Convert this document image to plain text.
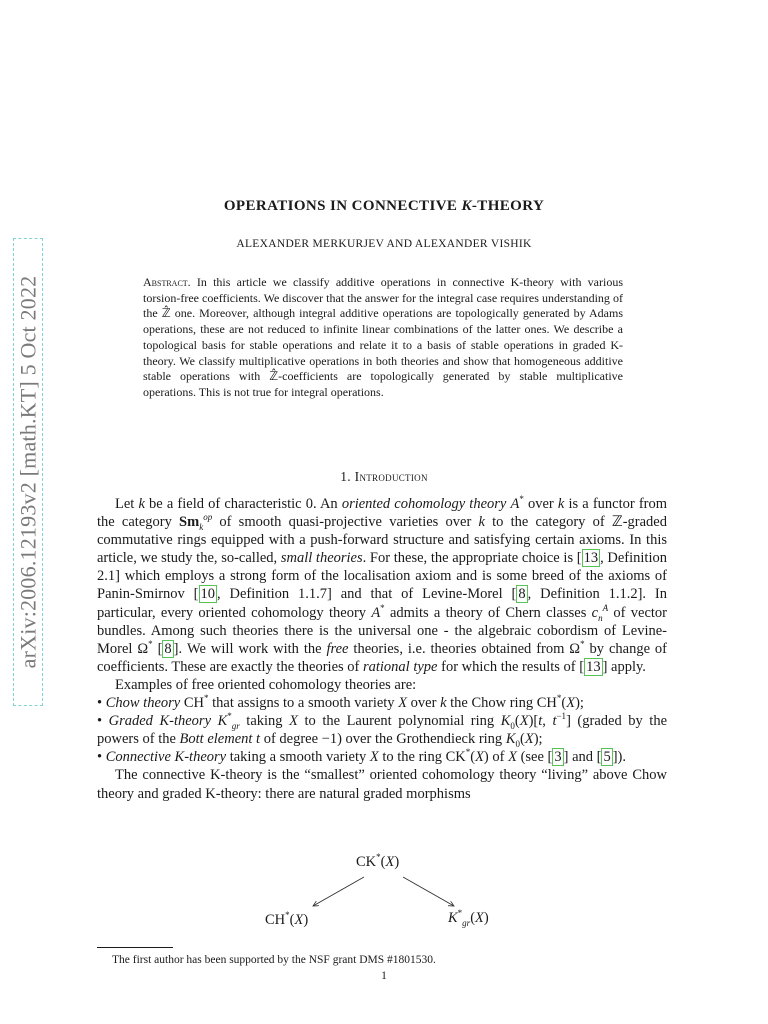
arXiv:2006.12193v2 [math.KT] 5 Oct 2022
OPERATIONS IN CONNECTIVE K-THEORY
ALEXANDER MERKURJEV AND ALEXANDER VISHIK
Abstract. In this article we classify additive operations in connective K-theory with various torsion-free coefficients. We discover that the answer for the integral case requires understanding of the ℤ̂ one. Moreover, although integral additive operations are topologically generated by Adams operations, these are not reduced to infinite linear combinations of the latter ones. We describe a topological basis for stable operations and relate it to a basis of stable operations in graded K-theory. We classify multiplicative operations in both theories and show that homogeneous additive stable operations with ℤ̂-coefficients are topologically generated by stable multiplicative operations. This is not true for integral operations.
1. Introduction

Let k be a field of characteristic 0. An oriented cohomology theory A* over k is a functor from the category $Sm_k^{op}$ of smooth quasi-projective varieties over k to the category of ℤ-graded commutative rings equipped with a push-forward structure and satisfying certain axioms. In this article, we study the, so-called, small theories. For these, the appropriate choice is [ 13 , Definition 2.1] which employs a strong form of the localisation axiom and is some breed of the axioms of Panin-Smirnov [ 10 , Definition 1.1.7] and that of Levine-Morel [ 8 , Definition 1.1.2]. In particular, every oriented cohomology theory A* admits a theory of Chern classes $c_n^A$ of vector bundles. Among such theories there is the universal one - the algebraic cobordism of Levine-Morel Ω* [ 8 ]. We will work with the free theories, i.e. theories obtained from Ω* by change of coefficients. These are exactly the theories of rational type for which the results of [ 13 ] apply.

Examples of free oriented cohomology theories are:

• Chow theory CH* that assigns to a smooth variety X over k the Chow ring CH*(X);

• Graded K-theory $K^*_{gr}$ taking X to the Laurent polynomial ring $K_0(X)[t$, $t^{-1}$] (graded by the powers of the Bott element t of degree −1) over the Grothendieck ring $K_0(X)$;

• Connective K-theory taking a smooth variety X to the ring CK*(X) of X (see [ 3 ] and [ 5 ]).

The connective K-theory is the “smallest” oriented cohomology theory “living” above Chow theory and graded K-theory: there are natural graded morphisms

CK*(X)
CH*(X)	$K^*_{gr}(X)$
The first author has been supported by the NSF grant DMS #1801530.
1
